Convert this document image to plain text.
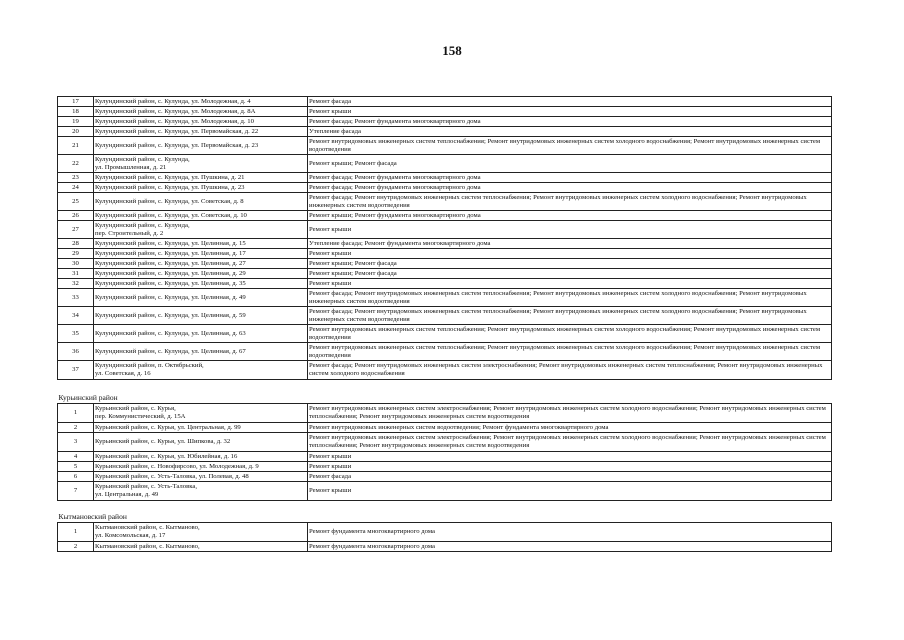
158
17	Кулундинский район, с. Кулунда, ул. Молодежная, д. 4	Ремонт фасада
18	Кулундинский район, с. Кулунда, ул. Молодежная, д. 8А	Ремонт крыши
19	Кулундинский район, с. Кулунда, ул. Молодежная, д. 10	Ремонт фасада; Ремонт фундамента многоквартирного дома
20	Кулундинский район, с. Кулунда, ул. Первомайская, д. 22	Утепление фасада
21	Кулундинский район, с. Кулунда, ул. Первомайская, д. 23	Ремонт внутридомовых инженерных систем теплоснабжения; Ремонт внутридомовых инженерных систем холодного водоснабжения; Ремонт внутридомовых инженерных систем водоотведения
22	Кулундинский район, с. Кулунда,
ул. Промышленная, д. 21	Ремонт крыши; Ремонт фасада
23	Кулундинский район, с. Кулунда, ул. Пушкина, д. 21	Ремонт фасада; Ремонт фундамента многоквартирного дома
24	Кулундинский район, с. Кулунда, ул. Пушкина, д. 23	Ремонт фасада; Ремонт фундамента многоквартирного дома
25	Кулундинский район, с. Кулунда, ул. Советская, д. 8	Ремонт фасада; Ремонт внутридомовых инженерных систем теплоснабжения; Ремонт внутридомовых инженерных систем холодного водоснабжения; Ремонт внутридомовых инженерных систем водоотведения
26	Кулундинский район, с. Кулунда, ул. Советская, д. 10	Ремонт крыши; Ремонт фундамента многоквартирного дома
27	Кулундинский район, с. Кулунда,
пер. Строительный, д. 2	Ремонт крыши
28	Кулундинский район, с. Кулунда, ул. Целинная, д. 15	Утепление фасада; Ремонт фундамента многоквартирного дома
29	Кулундинский район, с. Кулунда, ул. Целинная, д. 17	Ремонт крыши
30	Кулундинский район, с. Кулунда, ул. Целинная, д. 27	Ремонт крыши; Ремонт фасада
31	Кулундинский район, с. Кулунда, ул. Целинная, д. 29	Ремонт крыши; Ремонт фасада
32	Кулундинский район, с. Кулунда, ул. Целинная, д. 35	Ремонт крыши
33	Кулундинский район, с. Кулунда, ул. Целинная, д. 49	Ремонт фасада; Ремонт внутридомовых инженерных систем теплоснабжения; Ремонт внутридомовых инженерных систем холодного водоснабжения; Ремонт внутридомовых инженерных систем водоотведения
34	Кулундинский район, с. Кулунда, ул. Целинная, д. 59	Ремонт фасада; Ремонт внутридомовых инженерных систем теплоснабжения; Ремонт внутридомовых инженерных систем холодного водоснабжения; Ремонт внутридомовых инженерных систем водоотведения
35	Кулундинский район, с. Кулунда, ул. Целинная, д. 63	Ремонт внутридомовых инженерных систем теплоснабжения; Ремонт внутридомовых инженерных систем холодного водоснабжения; Ремонт внутридомовых инженерных систем водоотведения
36	Кулундинский район, с. Кулунда, ул. Целинная, д. 67	Ремонт внутридомовых инженерных систем теплоснабжения; Ремонт внутридомовых инженерных систем холодного водоснабжения; Ремонт внутридомовых инженерных систем водоотведения
37	Кулундинский район, п. Октябрьский,
ул. Советская, д. 16	Ремонт фасада; Ремонт внутридомовых инженерных систем электроснабжения; Ремонт внутридомовых инженерных систем теплоснабжения; Ремонт внутридомовых инженерных систем холодного водоснабжения
Курьинский район		
1	Курьинский район, с. Курья,
пер. Коммунистический, д. 15А	Ремонт внутридомовых инженерных систем электроснабжения; Ремонт внутридомовых инженерных систем холодного водоснабжения; Ремонт внутридомовых инженерных систем теплоснабжения; Ремонт внутридомовых инженерных систем водоотведения
2	Курьинский район, с. Курья, ул. Центральная, д. 99	Ремонт внутридомовых инженерных систем водоотведения; Ремонт фундамента многоквартирного дома
3	Курьинский район, с. Курья, ул. Шипкова, д. 32	Ремонт внутридомовых инженерных систем электроснабжения; Ремонт внутридомовых инженерных систем холодного водоснабжения; Ремонт внутридомовых инженерных систем теплоснабжения; Ремонт внутридомовых инженерных систем водоотведения
4	Курьинский район, с. Курья, ул. Юбилейная, д. 16	Ремонт крыши
5	Курьинский район, с. Новофирсово, ул. Молодежная, д. 9	Ремонт крыши
6	Курьинский район, с. Усть-Таловка, ул. Полевая, д. 48	Ремонт фасада
7	Курьинский район, с. Усть-Таловка,
ул. Центральная, д. 49	Ремонт крыши
Кытмановский район		
1	Кытмановский район, с. Кытманово,
ул. Комсомольская, д. 17	Ремонт фундамента многоквартирного дома
2	Кытмановский район, с. Кытманово,	Ремонт фундамента многоквартирного дома
